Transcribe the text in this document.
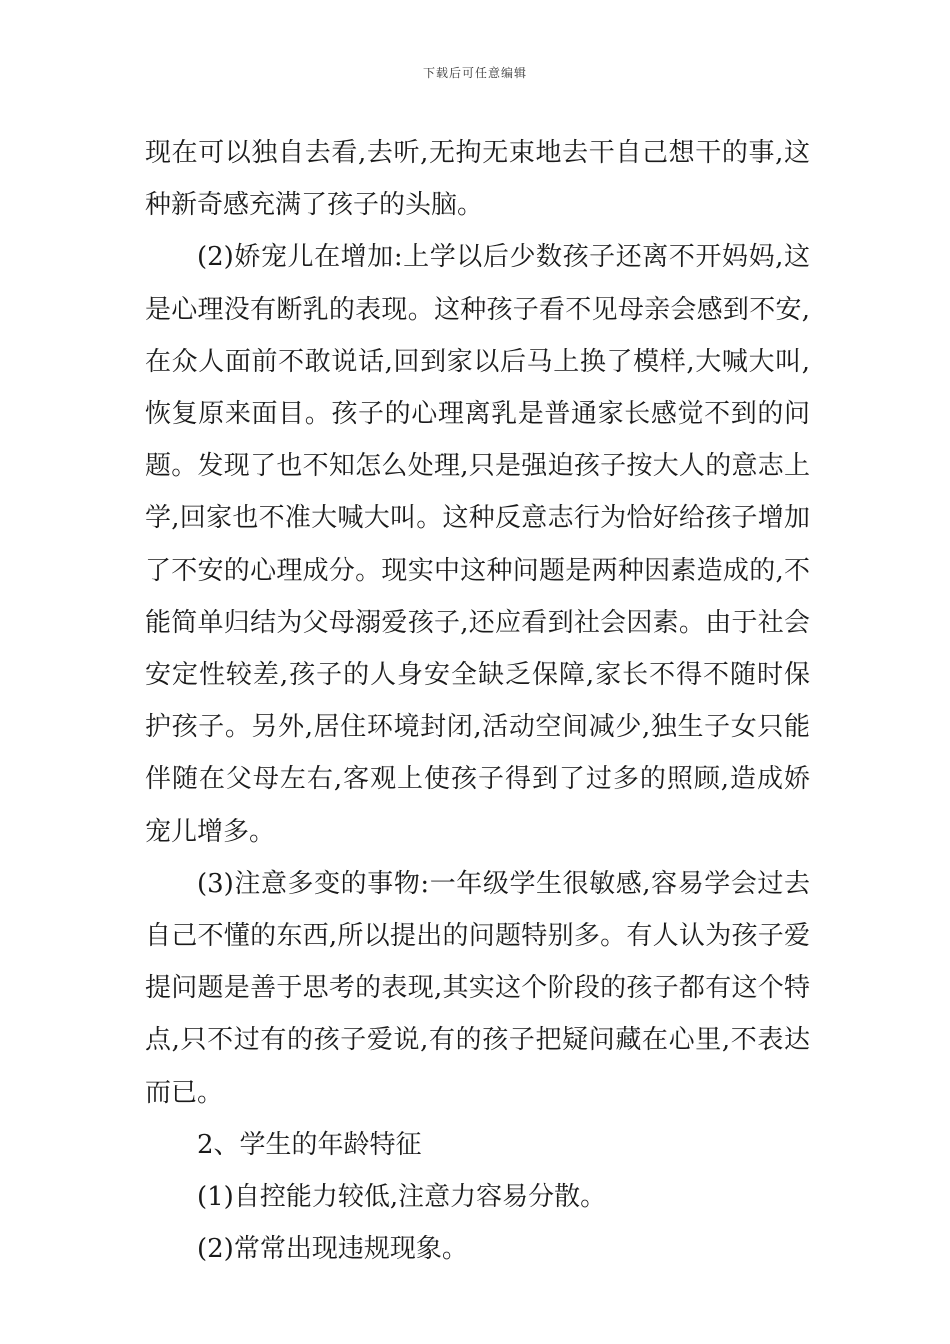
下载后可任意编辑

现在可以独自去看,去听,无拘无束地去干自己想干的事,这种新奇感充满了孩子的头脑。

(2)娇宠儿在增加:上学以后少数孩子还离不开妈妈,这是心理没有断乳的表现。这种孩子看不见母亲会感到不安,在众人面前不敢说话,回到家以后马上换了模样,大喊大叫,恢复原来面目。孩子的心理离乳是普通家长感觉不到的问题。发现了也不知怎么处理,只是强迫孩子按大人的意志上学,回家也不准大喊大叫。这种反意志行为恰好给孩子增加了不安的心理成分。现实中这种问题是两种因素造成的,不能简单归结为父母溺爱孩子,还应看到社会因素。由于社会安定性较差,孩子的人身安全缺乏保障,家长不得不随时保护孩子。另外,居住环境封闭,活动空间减少,独生子女只能伴随在父母左右,客观上使孩子得到了过多的照顾,造成娇宠儿增多。

(3)注意多变的事物:一年级学生很敏感,容易学会过去自己不懂的东西,所以提出的问题特别多。有人认为孩子爱提问题是善于思考的表现,其实这个阶段的孩子都有这个特点,只不过有的孩子爱说,有的孩子把疑问藏在心里,不表达而已。

2、学生的年龄特征

(1)自控能力较低,注意力容易分散。

(2)常常出现违规现象。
